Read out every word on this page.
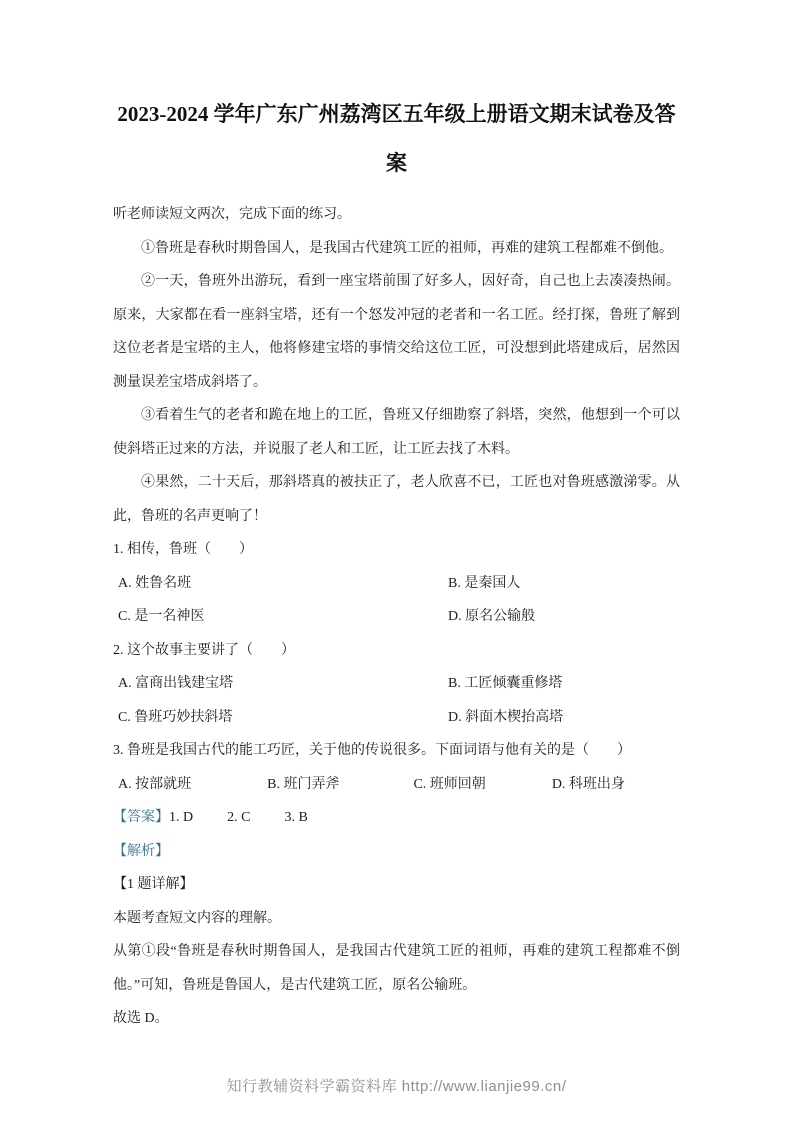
2023-2024 学年广东广州荔湾区五年级上册语文期末试卷及答案

听老师读短文两次，完成下面的练习。

①鲁班是春秋时期鲁国人，是我国古代建筑工匠的祖师，再难的建筑工程都难不倒他。

②一天，鲁班外出游玩，看到一座宝塔前围了好多人，因好奇，自己也上去凑凑热闹。原来，大家都在看一座斜宝塔，还有一个怒发冲冠的老者和一名工匠。经打探，鲁班了解到这位老者是宝塔的主人，他将修建宝塔的事情交给这位工匠，可没想到此塔建成后，居然因测量误差宝塔成斜塔了。

③看着生气的老者和跪在地上的工匠，鲁班又仔细勘察了斜塔，突然，他想到一个可以使斜塔正过来的方法，并说服了老人和工匠，让工匠去找了木料。

④果然，二十天后，那斜塔真的被扶正了，老人欣喜不已，工匠也对鲁班感激涕零。从此，鲁班的名声更响了！

1. 相传，鲁班（　　）

A. 姓鲁名班	B. 是秦国人
C. 是一名神医	D. 原名公输般

2. 这个故事主要讲了（　　）

A. 富商出钱建宝塔	B. 工匠倾囊重修塔
C. 鲁班巧妙扶斜塔	D. 斜面木楔抬高塔

3. 鲁班是我国古代的能工巧匠，关于他的传说很多。下面词语与他有关的是（　　）

A. 按部就班	B. 班门弄斧	C. 班师回朝	D. 科班出身
【答案】1. D 2. C 3. B
【解析】
【1 题详解】

本题考查短文内容的理解。

从第①段“鲁班是春秋时期鲁国人，是我国古代建筑工匠的祖师，再难的建筑工程都难不倒他。”可知，鲁班是鲁国人，是古代建筑工匠，原名公输班。

故选 D。

知行教辅资料学霸资料库 http://www.lianjie99.cn/
